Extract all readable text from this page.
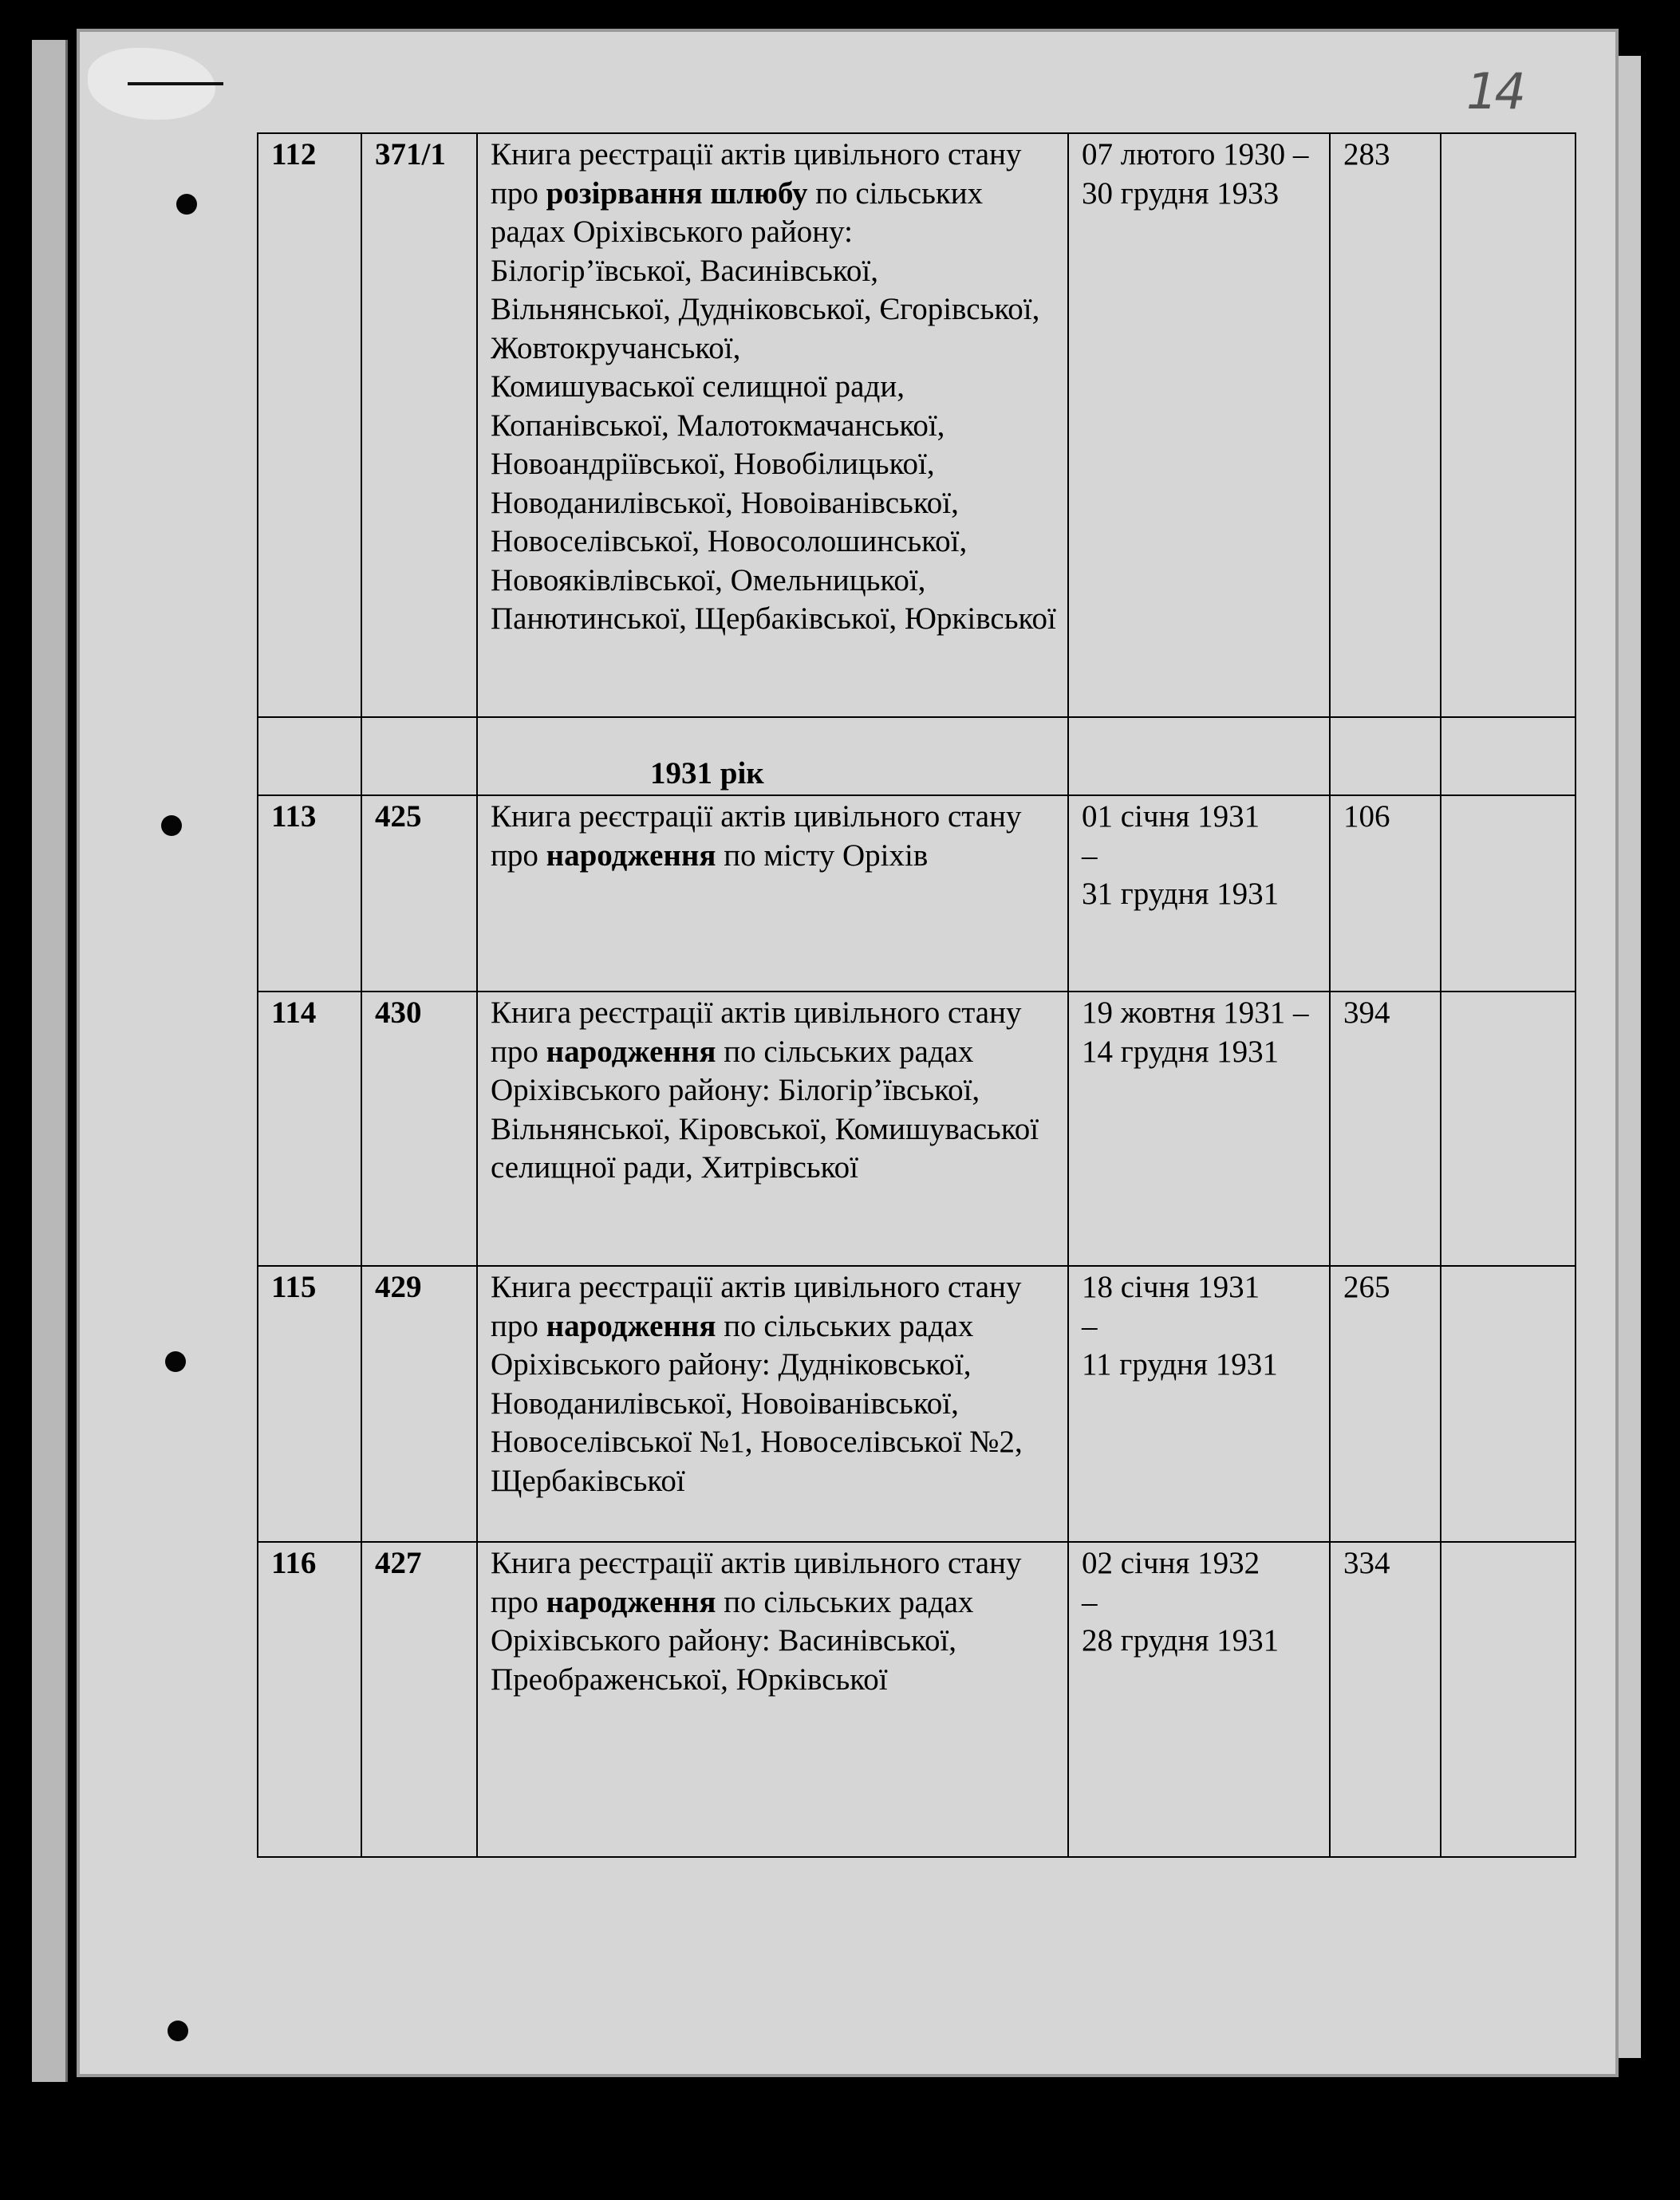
14
112	371/1	Книга реєстрації актів цивільного стану про розірвання шлюбу по сільських радах Оріхівського району: Білогір’ївської, Васинівської, Вільнянської, Дудніковської, Єгорівської, Жовтокручанської,
Комишуваської селищної ради, Копанівської, Малотокмачанської, Новоандріївської, Новобілицької, Новоданилівської, Новоіванівської, Новоселівської, Новосолошинської, Новояківлівської, Омельницької, Панютинської, Щербаківської, Юрківської	07 лютого 1930 –
30 грудня 1933	283	

		1931 рік			

113	425	Книга реєстрації актів цивільного стану про народження по місту Оріхів	01 січня 1931
–
31 грудня 1931	106	
114	430	Книга реєстрації актів цивільного стану про народження по сільських радах Оріхівського району: Білогір’ївської, Вільнянської, Кіровської, Комишуваської селищної ради, Хитрівської	19 жовтня 1931 –
14 грудня 1931	394	
115	429	Книга реєстрації актів цивільного стану про народження по сільських радах Оріхівського району: Дудніковської, Новоданилівської, Новоіванівської, Новоселівської №1, Новоселівської №2, Щербаківської	18 січня 1931
–
11 грудня 1931	265	
116	427	Книга реєстрації актів цивільного стану про народження по сільських радах Оріхівського району: Васинівської, Преображенської, Юрківської	02 січня 1932
–
28 грудня 1931	334	
